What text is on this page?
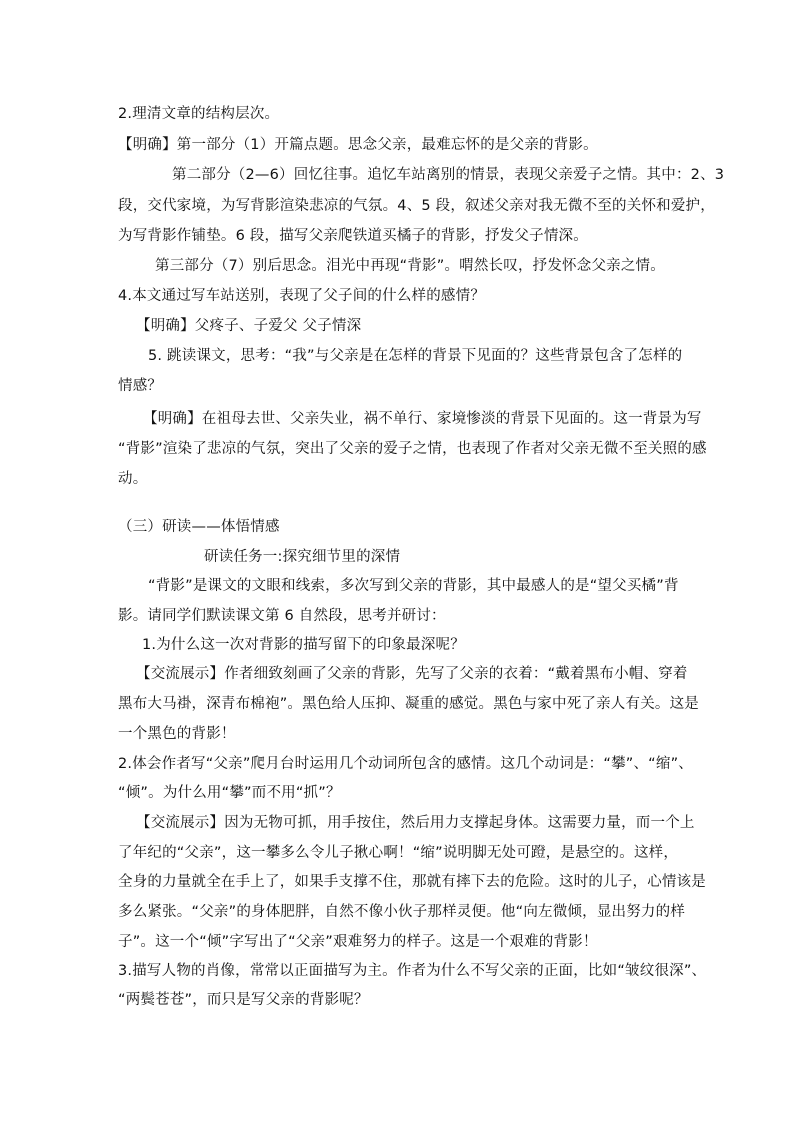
2.理清文章的结构层次。
【明确】第一部分（1）开篇点题。思念父亲，最难忘怀的是父亲的背影。
第二部分（2—6）回忆往事。追忆车站离别的情景，表现父亲爱子之情。其中：2、3
段，交代家境，为写背影渲染悲凉的气氛。4、5 段，叙述父亲对我无微不至的关怀和爱护，
为写背影作铺垫。6 段，描写父亲爬铁道买橘子的背影，抒发父子情深。
第三部分（7）别后思念。泪光中再现“背影”。喟然长叹，抒发怀念父亲之情。
4.本文通过写车站送别，表现了父子间的什么样的感情？
【明确】父疼子、子爱父 父子情深
5. 跳读课文，思考：“我”与父亲是在怎样的背景下见面的？这些背景包含了怎样的
情感？
【明确】在祖母去世、父亲失业，祸不单行、家境惨淡的背景下见面的。这一背景为写
“背影”渲染了悲凉的气氛，突出了父亲的爱子之情，也表现了作者对父亲无微不至关照的感
动。
（三）研读——体悟情感
研读任务一:探究细节里的深情
“背影”是课文的文眼和线索，多次写到父亲的背影，其中最感人的是“望父买橘”背
影。请同学们默读课文第 6 自然段，思考并研讨：
1.为什么这一次对背影的描写留下的印象最深呢？
【交流展示】作者细致刻画了父亲的背影，先写了父亲的衣着：“戴着黑布小帽、穿着
黑布大马褂，深青布棉袍”。黑色给人压抑、凝重的感觉。黑色与家中死了亲人有关。这是
一个黑色的背影！
2.体会作者写“父亲”爬月台时运用几个动词所包含的感情。这几个动词是：“攀”、“缩”、
“倾”。为什么用“攀”而不用“抓”？
【交流展示】因为无物可抓，用手按住，然后用力支撑起身体。这需要力量，而一个上
了年纪的“父亲”，这一攀多么令儿子揪心啊！“缩”说明脚无处可蹬，是悬空的。这样，
全身的力量就全在手上了，如果手支撑不住，那就有摔下去的危险。这时的儿子，心情该是
多么紧张。“父亲”的身体肥胖，自然不像小伙子那样灵便。他“向左微倾，显出努力的样
子”。这一个“倾”字写出了“父亲”艰难努力的样子。这是一个艰难的背影！
3.描写人物的肖像，常常以正面描写为主。作者为什么不写父亲的正面，比如“皱纹很深”、
“两鬓苍苍”，而只是写父亲的背影呢？
